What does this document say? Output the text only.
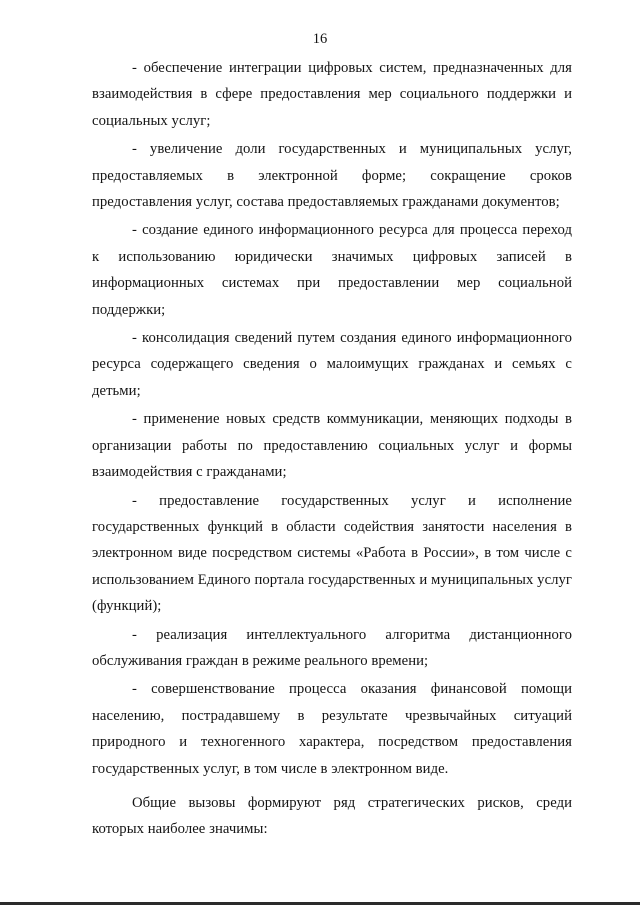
16

- обеспечение интеграции цифровых систем, предназначенных для взаимодействия в сфере предоставления мер социального поддержки и социальных услуг;

- увеличение доли государственных и муниципальных услуг, предоставляемых в электронной форме; сокращение сроков предоставления услуг, состава предоставляемых гражданами документов;

- создание единого информационного ресурса для процесса переход к использованию юридически значимых цифровых записей в информационных системах при предоставлении мер социальной поддержки;

- консолидация сведений путем создания единого информационного ресурса содержащего сведения о малоимущих гражданах и семьях с детьми;

- применение новых средств коммуникации, меняющих подходы в организации работы по предоставлению социальных услуг и формы взаимодействия с гражданами;

- предоставление государственных услуг и исполнение государственных функций в области содействия занятости населения в электронном виде посредством системы «Работа в России», в том числе с использованием Единого портала государственных и муниципальных услуг (функций);

- реализация интеллектуального алгоритма дистанционного обслуживания граждан в режиме реального времени;

- совершенствование процесса оказания финансовой помощи населению, пострадавшему в результате чрезвычайных ситуаций природного и техногенного характера, посредством предоставления государственных услуг, в том числе в электронном виде.

Общие вызовы формируют ряд стратегических рисков, среди которых наиболее значимы:
